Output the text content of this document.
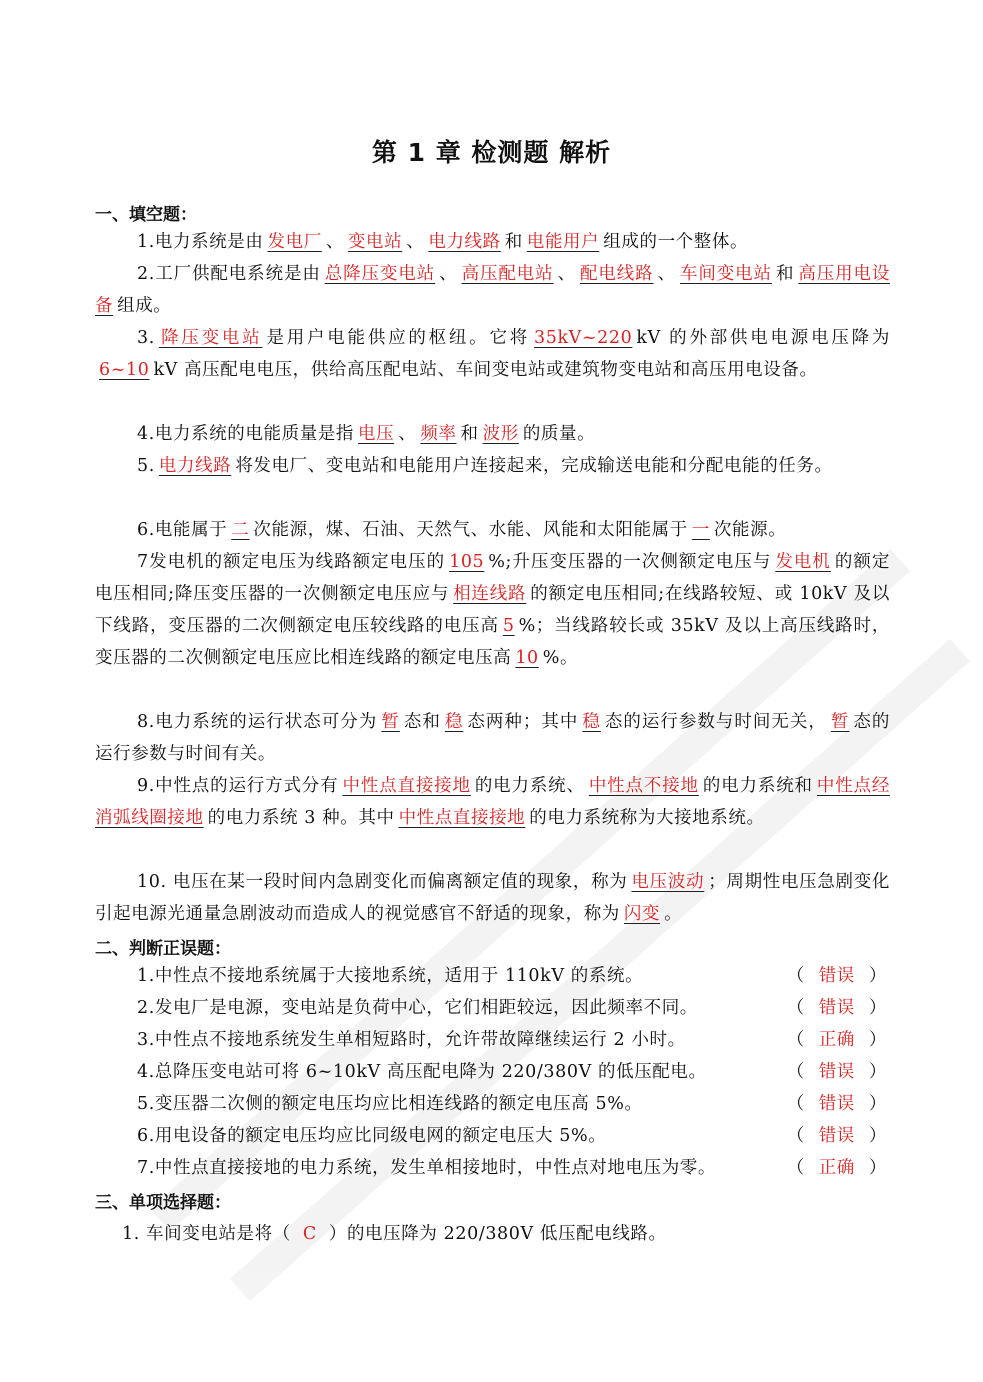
第 1 章 检测题 解析
一、填空题：
1.电力系统是由 发电厂 、 变电站 、 电力线路 和 电能用户 组成的一个整体。
2.工厂供配电系统是由 总降压变电站 、 高压配电站 、 配电线路 、 车间变电站 和 高压用电设备 组成。
3. 降压变电站 是用户电能供应的枢纽。它将 35kV~220 kV 的外部供电电源电压降为6~10 kV 高压配电电压，供给高压配电站、车间变电站或建筑物变电站和高压用电设备。
4.电力系统的电能质量是指 电压 、 频率 和 波形 的质量。
5. 电力线路 将发电厂、变电站和电能用户连接起来，完成输送电能和分配电能的任务。
6.电能属于 二 次能源，煤、石油、天然气、水能、风能和太阳能属于 一 次能源。
7发电机的额定电压为线路额定电压的 105 %;升压变压器的一次侧额定电压与 发电机 的额定电压相同;降压变压器的一次侧额定电压应与 相连线路 的额定电压相同;在线路较短、或 10kV 及以下线路，变压器的二次侧额定电压较线路的电压高 5 %；当线路较长或 35kV 及以上高压线路时，变压器的二次侧额定电压应比相连线路的额定电压高 10 %。
8.电力系统的运行状态可分为 暂 态和 稳 态两种；其中 稳 态的运行参数与时间无关， 暂 态的运行参数与时间有关。
9.中性点的运行方式分有 中性点直接接地 的电力系统、 中性点不接地 的电力系统和 中性点经消弧线圈接地 的电力系统 3 种。其中 中性点直接接地 的电力系统称为大接地系统。
10. 电压在某一段时间内急剧变化而偏离额定值的现象，称为 电压波动 ；周期性电压急剧变化引起电源光通量急剧波动而造成人的视觉感官不舒适的现象，称为 闪变 。
二、判断正误题：
1.中性点不接地系统属于大接地系统，适用于 110kV 的系统。	（ 错误 ）
2.发电厂是电源，变电站是负荷中心，它们相距较远，因此频率不同。	（ 错误 ）
3.中性点不接地系统发生单相短路时，允许带故障继续运行 2 小时。	（ 正确 ）
4.总降压变电站可将 6~10kV 高压配电降为 220/380V 的低压配电。	（ 错误 ）
5.变压器二次侧的额定电压均应比相连线路的额定电压高 5%。	（ 错误 ）
6.用电设备的额定电压均应比同级电网的额定电压大 5%。	（ 错误 ）
7.中性点直接接地的电力系统，发生单相接地时，中性点对地电压为零。	（ 正确 ）
三、单项选择题：
1. 车间变电站是将（ C ）的电压降为 220/380V 低压配电线路。
